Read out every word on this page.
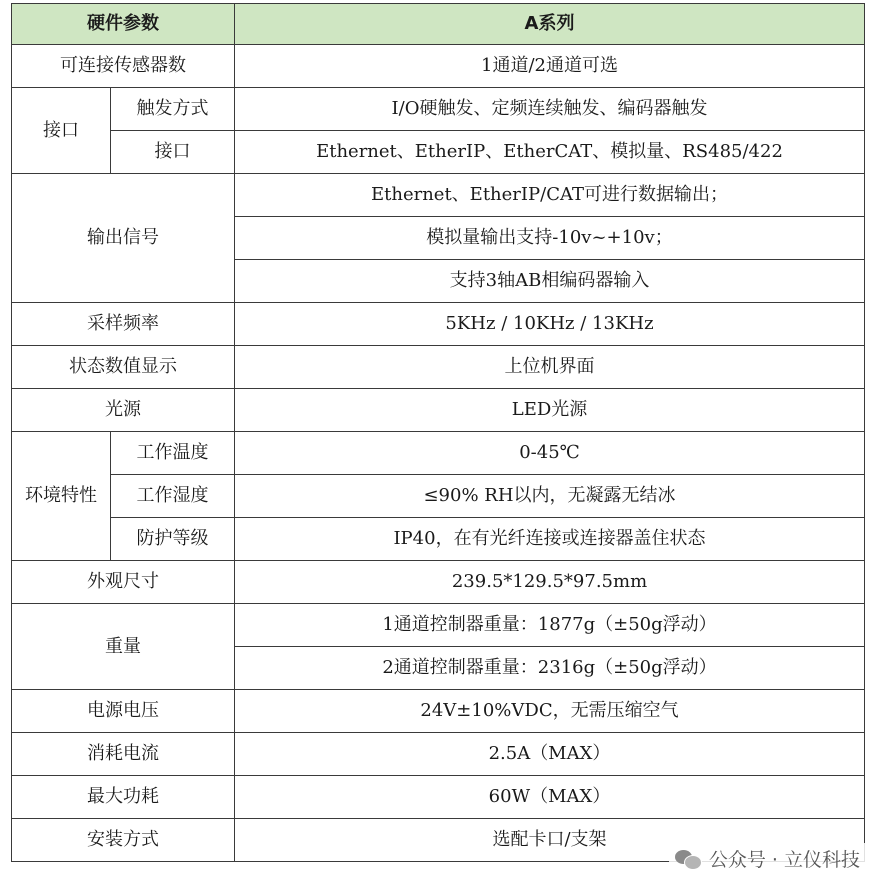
硬件参数		A系列
可连接传感器数		1通道/2通道可选
接口	触发方式	I/O硬触发、定频连续触发、编码器触发
	接口	Ethernet、EtherIP、EtherCAT、模拟量、RS485/422
输出信号		Ethernet、EtherIP/CAT可进行数据输出；
		模拟量输出支持-10v~+10v；
		支持3轴AB相编码器输入
采样频率		5KHz / 10KHz / 13KHz
状态数值显示		上位机界面
光源		LED光源
环境特性	工作温度	0-45℃
	工作湿度	≤90% RH以内，无凝露无结冰
	防护等级	IP40，在有光纤连接或连接器盖住状态
外观尺寸		239.5*129.5*97.5mm
重量		1通道控制器重量：1877g（±50g浮动）
		2通道控制器重量：2316g（±50g浮动）
电源电压		24V±10%VDC，无需压缩空气
消耗电流		2.5A（MAX）
最大功耗		60W（MAX）
安装方式		选配卡口/支架
公众号 · 立仪科技
